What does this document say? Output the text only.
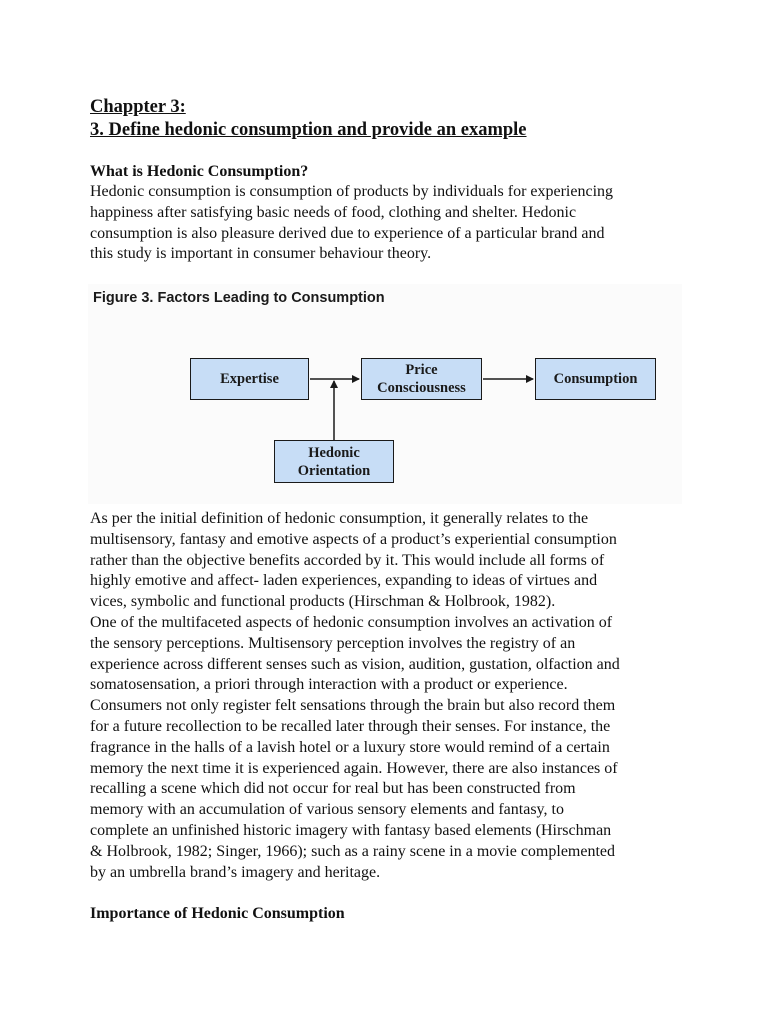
Chappter 3:
3. Define hedonic consumption and provide an example
What is Hedonic Consumption?
Hedonic consumption is consumption of products by individuals for experiencing
happiness after satisfying basic needs of food, clothing and shelter. Hedonic
consumption is also pleasure derived due to experience of a particular brand and
this study is important in consumer behaviour theory.
Figure 3. Factors Leading to Consumption
Expertise
Price
Consciousness
Consumption
Hedonic
Orientation
As per the initial definition of hedonic consumption, it generally relates to the
multisensory, fantasy and emotive aspects of a product’s experiential consumption
rather than the objective benefits accorded by it. This would include all forms of
highly emotive and affect- laden experiences, expanding to ideas of virtues and
vices, symbolic and functional products (Hirschman & Holbrook, 1982).
One of the multifaceted aspects of hedonic consumption involves an activation of
the sensory perceptions. Multisensory perception involves the registry of an
experience across different senses such as vision, audition, gustation, olfaction and
somatosensation, a priori through interaction with a product or experience.
Consumers not only register felt sensations through the brain but also record them
for a future recollection to be recalled later through their senses. For instance, the
fragrance in the halls of a lavish hotel or a luxury store would remind of a certain
memory the next time it is experienced again. However, there are also instances of
recalling a scene which did not occur for real but has been constructed from
memory with an accumulation of various sensory elements and fantasy, to
complete an unfinished historic imagery with fantasy based elements (Hirschman
& Holbrook, 1982; Singer, 1966); such as a rainy scene in a movie complemented
by an umbrella brand’s imagery and heritage.
Importance of Hedonic Consumption
